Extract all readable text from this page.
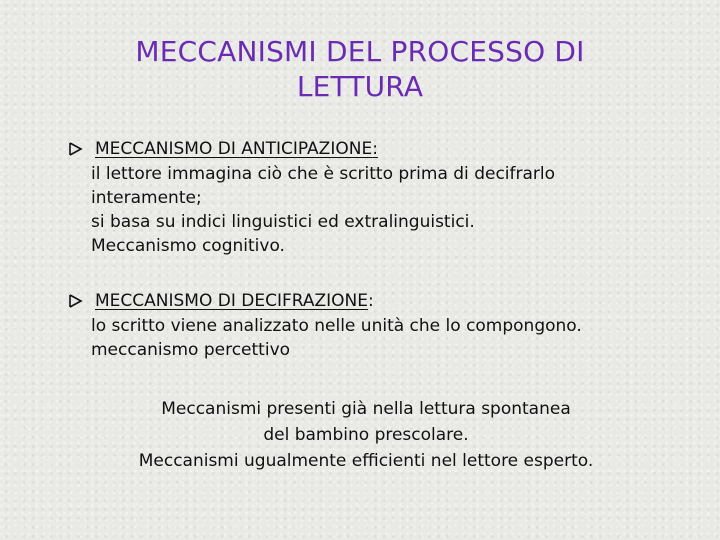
MECCANISMI DEL PROCESSO DI
LETTURA
MECCANISMO DI ANTICIPAZIONE:
il lettore immagina ciò che è scritto prima di decifrarlo
interamente;
si basa su indici linguistici ed extralinguistici.
Meccanismo cognitivo.
MECCANISMO DI DECIFRAZIONE:
lo scritto viene analizzato nelle unità che lo compongono.
meccanismo percettivo
Meccanismi presenti già nella lettura spontanea
del bambino prescolare.
Meccanismi ugualmente efficienti nel lettore esperto.
